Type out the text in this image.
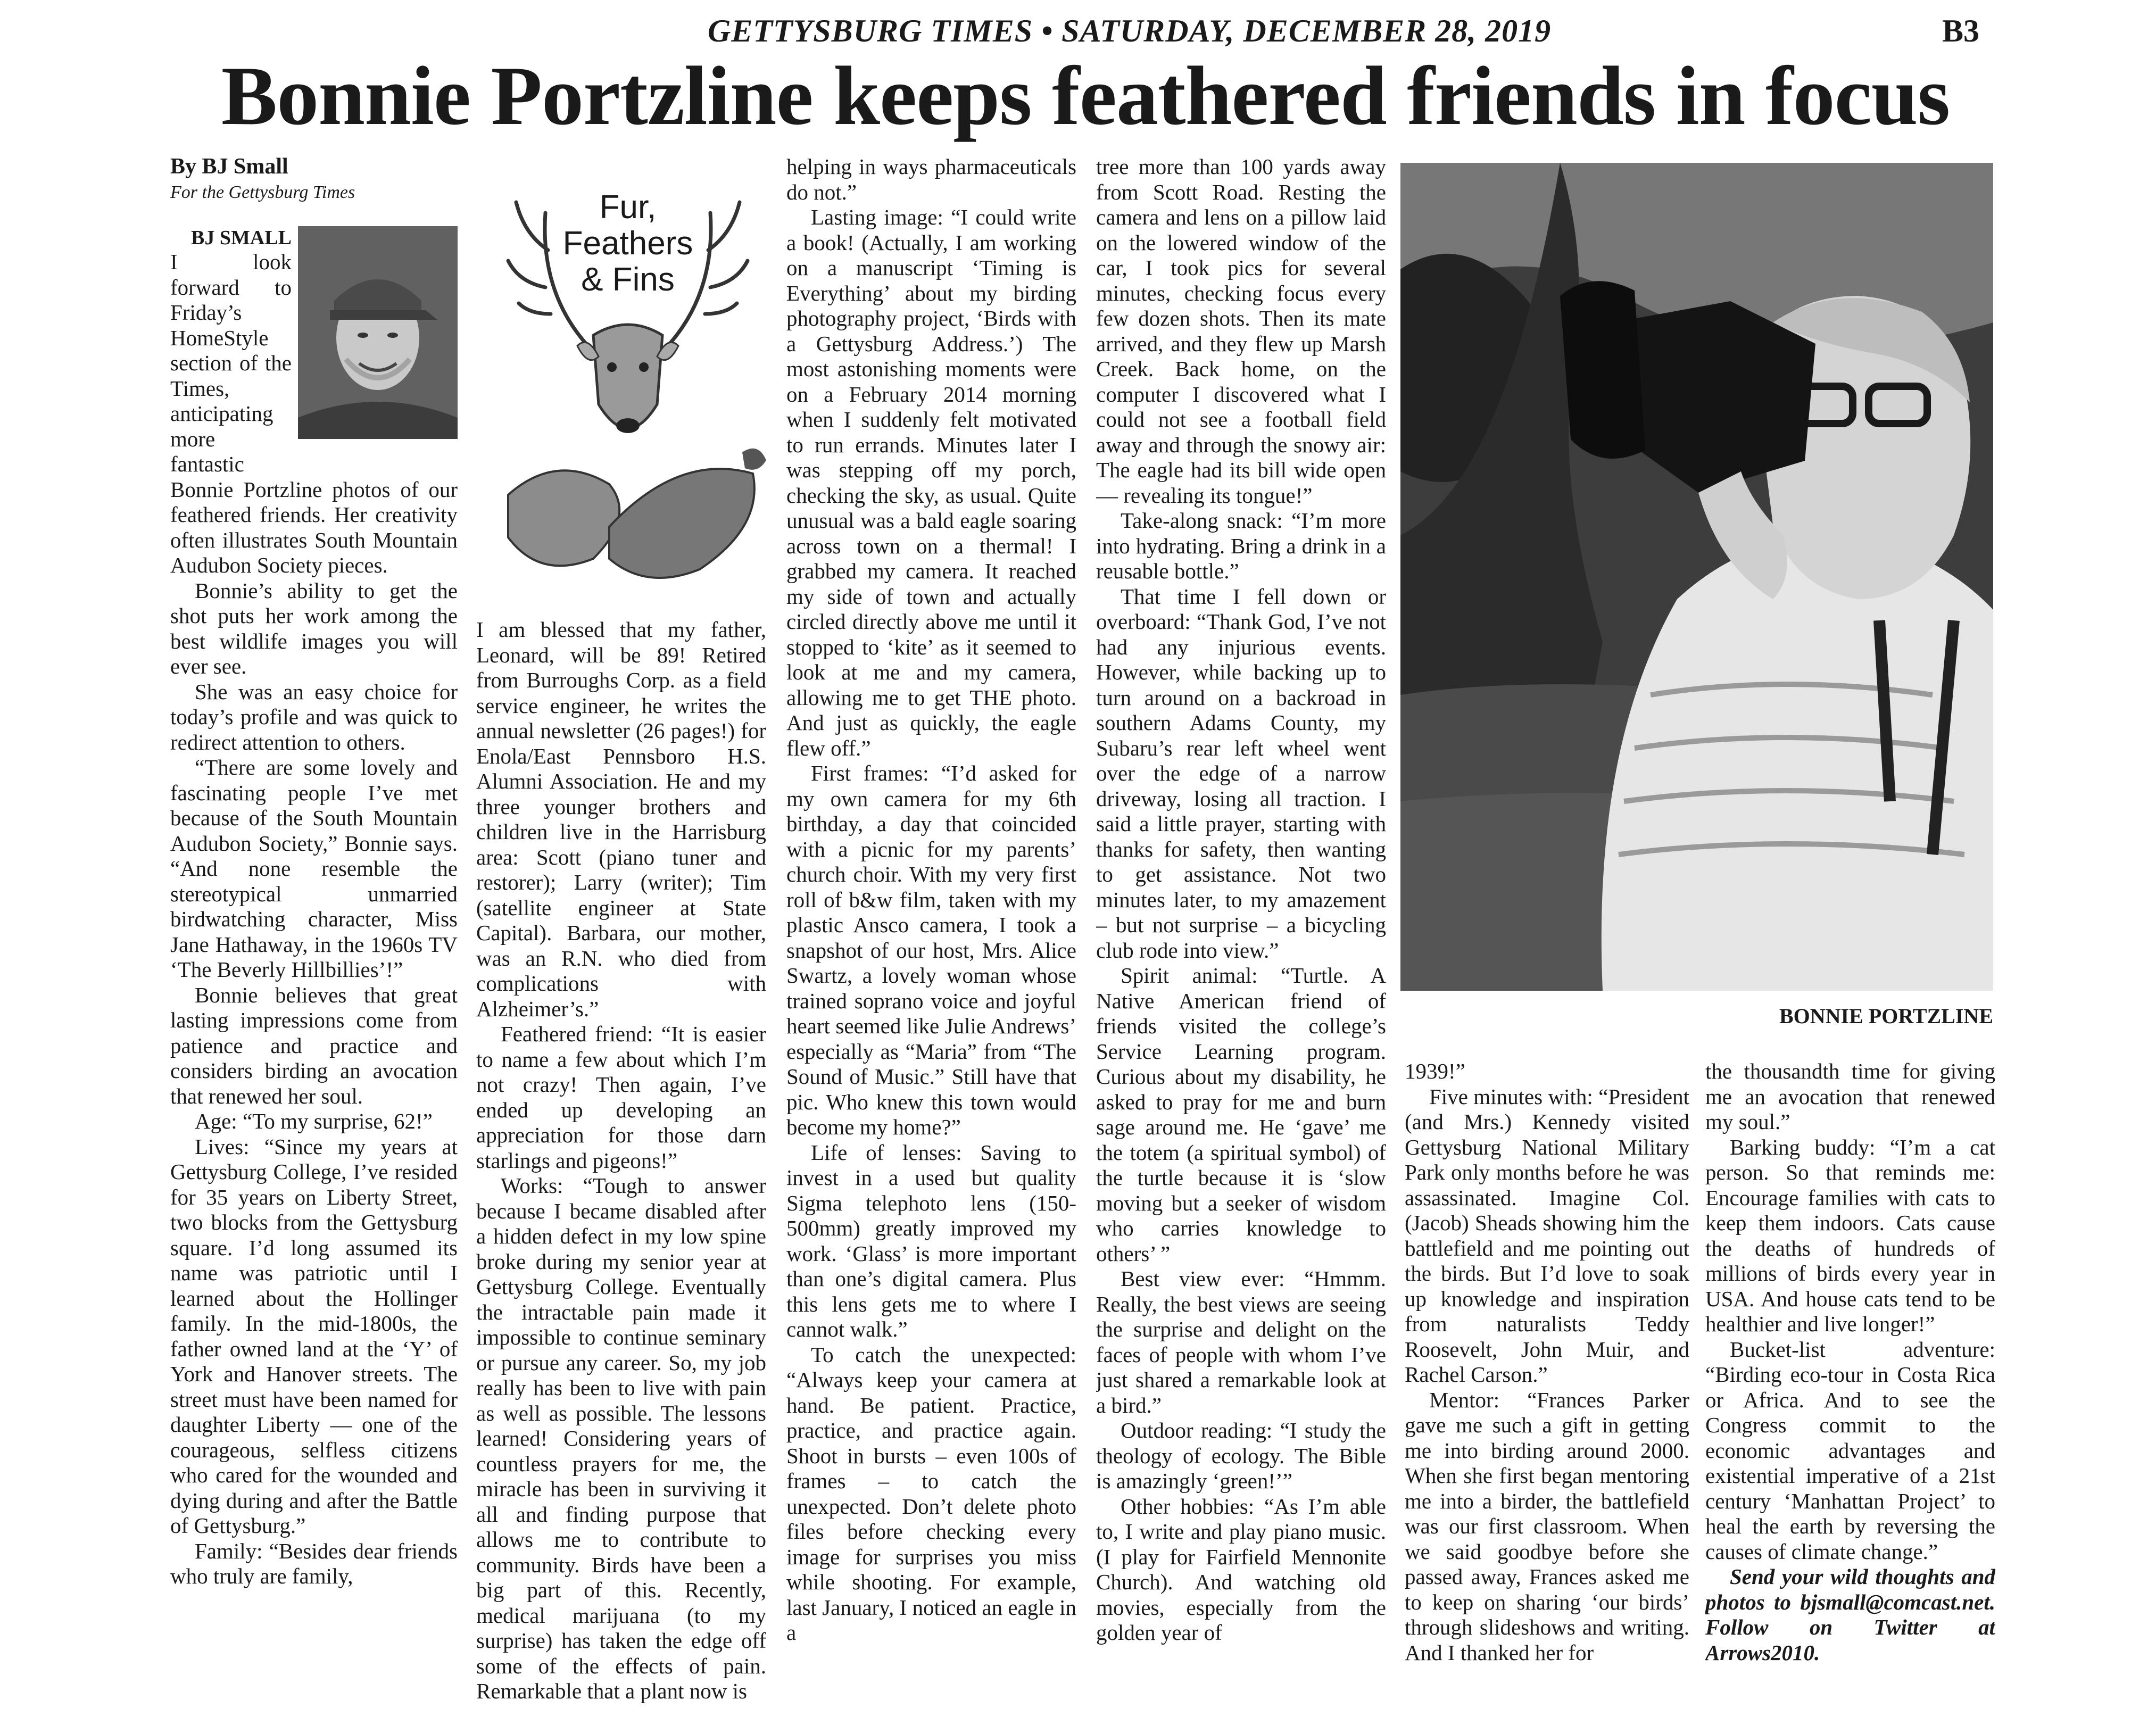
GETTYSBURG TIMES • SATURDAY, DECEMBER 28, 2019	B3
Bonnie Portzline keeps feathered friends in focus
By BJ Small
For the Gettysburg Times

BJ SMALL
I look forward to Friday’s HomeStyle section of the Times, anticipating more fantastic Bonnie Portzline photos of our feathered friends. Her creativity often illustrates South Mountain Audubon Society pieces.

Bonnie’s ability to get the shot puts her work among the best wildlife images you will ever see.

She was an easy choice for today’s profile and was quick to redirect attention to others.

“There are some lovely and fascinating people I’ve met because of the South Mountain Audubon Society,” Bonnie says. “And none resemble the stereotypical unmarried birdwatching character, Miss Jane Hathaway, in the 1960s TV ‘The Beverly Hillbillies’!”

Bonnie believes that great lasting impressions come from patience and practice and considers birding an avocation that renewed her soul.

Age: “To my surprise, 62!”

Lives: “Since my years at Gettysburg College, I’ve resided for 35 years on Liberty Street, two blocks from the Gettysburg square. I’d long assumed its name was patriotic until I learned about the Hollinger family. In the mid-1800s, the father owned land at the ‘Y’ of York and Hanover streets. The street must have been named for daughter Liberty — one of the courageous, selfless citizens who cared for the wounded and dying during and after the Battle of Gettysburg.”

Family: “Besides dear friends who truly are family,

Fur,
Feathers
& Fins

I am blessed that my father, Leonard, will be 89! Retired from Burroughs Corp. as a field service engineer, he writes the annual newsletter (26 pages!) for Enola/East Pennsboro H.S. Alumni Association. He and my three younger brothers and children live in the Harrisburg area: Scott (piano tuner and restorer); Larry (writer); Tim (satellite engineer at State Capital). Barbara, our mother, was an R.N. who died from complications with Alzheimer’s.”

Feathered friend: “It is easier to name a few about which I’m not crazy! Then again, I’ve ended up developing an appreciation for those darn starlings and pigeons!”

Works: “Tough to answer because I became disabled after a hidden defect in my low spine broke during my senior year at Gettysburg College. Eventually the intractable pain made it impossible to continue seminary or pursue any career. So, my job really has been to live with pain as well as possible. The lessons learned! Considering years of countless prayers for me, the miracle has been in surviving it all and finding purpose that allows me to contribute to community. Birds have been a big part of this. Recently, medical marijuana (to my surprise) has taken the edge off some of the effects of pain. Remarkable that a plant now is

helping in ways pharmaceuticals do not.”

Lasting image: “I could write a book! (Actually, I am working on a manuscript ‘Timing is Everything’ about my birding photography project, ‘Birds with a Gettysburg Address.’) The most astonishing moments were on a February 2014 morning when I suddenly felt motivated to run errands. Minutes later I was stepping off my porch, checking the sky, as usual. Quite unusual was a bald eagle soaring across town on a thermal! I grabbed my camera. It reached my side of town and actually circled directly above me until it stopped to ‘kite’ as it seemed to look at me and my camera, allowing me to get THE photo. And just as quickly, the eagle flew off.”

First frames: “I’d asked for my own camera for my 6th birthday, a day that coincided with a picnic for my parents’ church choir. With my very first roll of b&w film, taken with my plastic Ansco camera, I took a snapshot of our host, Mrs. Alice Swartz, a lovely woman whose trained soprano voice and joyful heart seemed like Julie Andrews’ especially as “Maria” from “The Sound of Music.” Still have that pic. Who knew this town would become my home?”

Life of lenses: Saving to invest in a used but quality Sigma telephoto lens (150-500mm) greatly improved my work. ‘Glass’ is more important than one’s digital camera. Plus this lens gets me to where I cannot walk.”

To catch the unexpected: “Always keep your camera at hand. Be patient. Practice, practice, and practice again. Shoot in bursts – even 100s of frames – to catch the unexpected. Don’t delete photo files before checking every image for surprises you miss while shooting. For example, last January, I noticed an eagle in a

tree more than 100 yards away from Scott Road. Resting the camera and lens on a pillow laid on the lowered window of the car, I took pics for several minutes, checking focus every few dozen shots. Then its mate arrived, and they flew up Marsh Creek. Back home, on the computer I discovered what I could not see a football field away and through the snowy air: The eagle had its bill wide open — revealing its tongue!”

Take-along snack: “I’m more into hydrating. Bring a drink in a reusable bottle.”

That time I fell down or overboard: “Thank God, I’ve not had any injurious events. However, while backing up to turn around on a backroad in southern Adams County, my Subaru’s rear left wheel went over the edge of a narrow driveway, losing all traction. I said a little prayer, starting with thanks for safety, then wanting to get assistance. Not two minutes later, to my amazement – but not surprise – a bicycling club rode into view.”

Spirit animal: “Turtle. A Native American friend of friends visited the college’s Service Learning program. Curious about my disability, he asked to pray for me and burn sage around me. He ‘gave’ me the totem (a spiritual symbol) of the turtle because it is ‘slow moving but a seeker of wisdom who carries knowledge to others’ ”

Best view ever: “Hmmm. Really, the best views are seeing the surprise and delight on the faces of people with whom I’ve just shared a remarkable look at a bird.”

Outdoor reading: “I study the theology of ecology. The Bible is amazingly ‘green!’”

Other hobbies: “As I’m able to, I write and play piano music. (I play for Fairfield Mennonite Church). And watching old movies, especially from the golden year of

BONNIE PORTZLINE

1939!”

Five minutes with: “President (and Mrs.) Kennedy visited Gettysburg National Military Park only months before he was assassinated. Imagine Col. (Jacob) Sheads showing him the battlefield and me pointing out the birds. But I’d love to soak up knowledge and inspiration from naturalists Teddy Roosevelt, John Muir, and Rachel Carson.”

Mentor: “Frances Parker gave me such a gift in getting me into birding around 2000. When she first began mentoring me into a birder, the battlefield was our first classroom. When we said goodbye before she passed away, Frances asked me to keep on sharing ‘our birds’ through slideshows and writing. And I thanked her for

the thousandth time for giving me an avocation that renewed my soul.”

Barking buddy: “I’m a cat person. So that reminds me: Encourage families with cats to keep them indoors. Cats cause the deaths of hundreds of millions of birds every year in USA. And house cats tend to be healthier and live longer!”

Bucket-list adventure: “Birding eco-tour in Costa Rica or Africa. And to see the Congress commit to the economic advantages and existential imperative of a 21st century ‘Manhattan Project’ to heal the earth by reversing the causes of climate change.”

Send your wild thoughts and photos to bjsmall@comcast.net. Follow on Twitter at Arrows2010.
